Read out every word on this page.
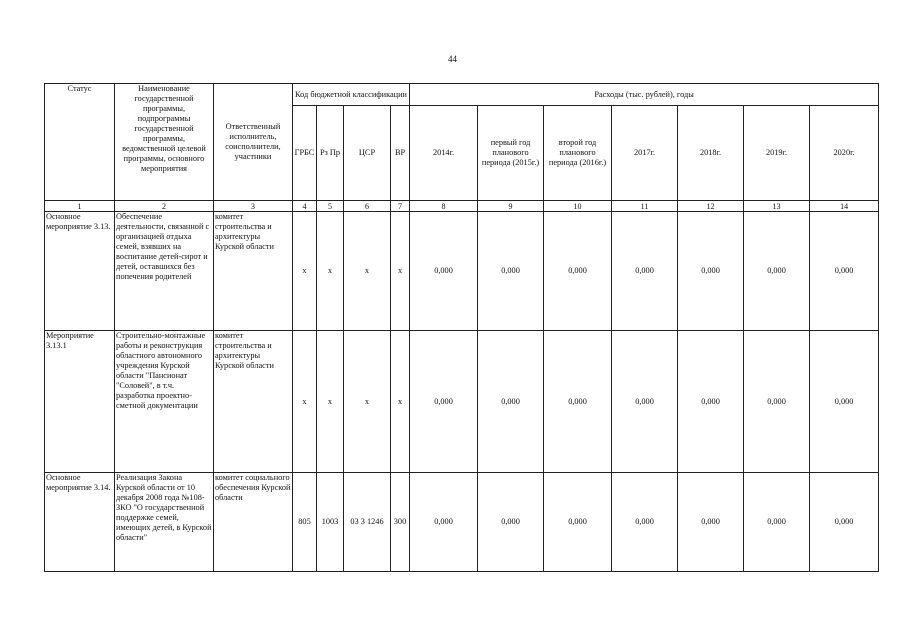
44
Статус	Наименование государственной программы, подпрограммы государственной программы, ведомственной целевой программы, основного мероприятия	Ответственный исполнитель, соисполнители, участники	Код бюджетной классификации				Расходы (тыс. рублей), годы						
			ГРБС	Рз Пр	ЦСР	ВР	2014г.	первый год планового периода (2015г.)	второй год планового периода (2016г.)	2017г.	2018г.	2019г.	2020г.
1	2	3	4	5	6	7	8	9	10	11	12	13	14
Основное мероприятие 3.13.	Обеспечение деятельности, связанной с организацией отдыха семей, взявших на воспитание детей-сирот и детей, оставшихся без попечения родителей	комитет строительства и архитектуры Курской области	х	х	х	х	0,000	0,000	0,000	0,000	0,000	0,000	0,000
Мероприятие 3.13.1	Строительно-монтажные работы и реконструкция областного автономного учреждения Курской области "Пансионат "Соловей", в т.ч. разработка проектно-сметной документации	комитет строительства и архитектуры Курской области	х	х	х	х	0,000	0,000	0,000	0,000	0,000	0,000	0,000
Основное мероприятие 3.14.	Реализация Закона Курской области от 10 декабря 2008 года №108-ЗКО "О государственной поддержке семей, имеющих детей, в Курской области"	комитет социального обеспечения Курской области	805	1003	03 3 1246	300	0,000	0,000	0,000	0,000	0,000	0,000	0,000
